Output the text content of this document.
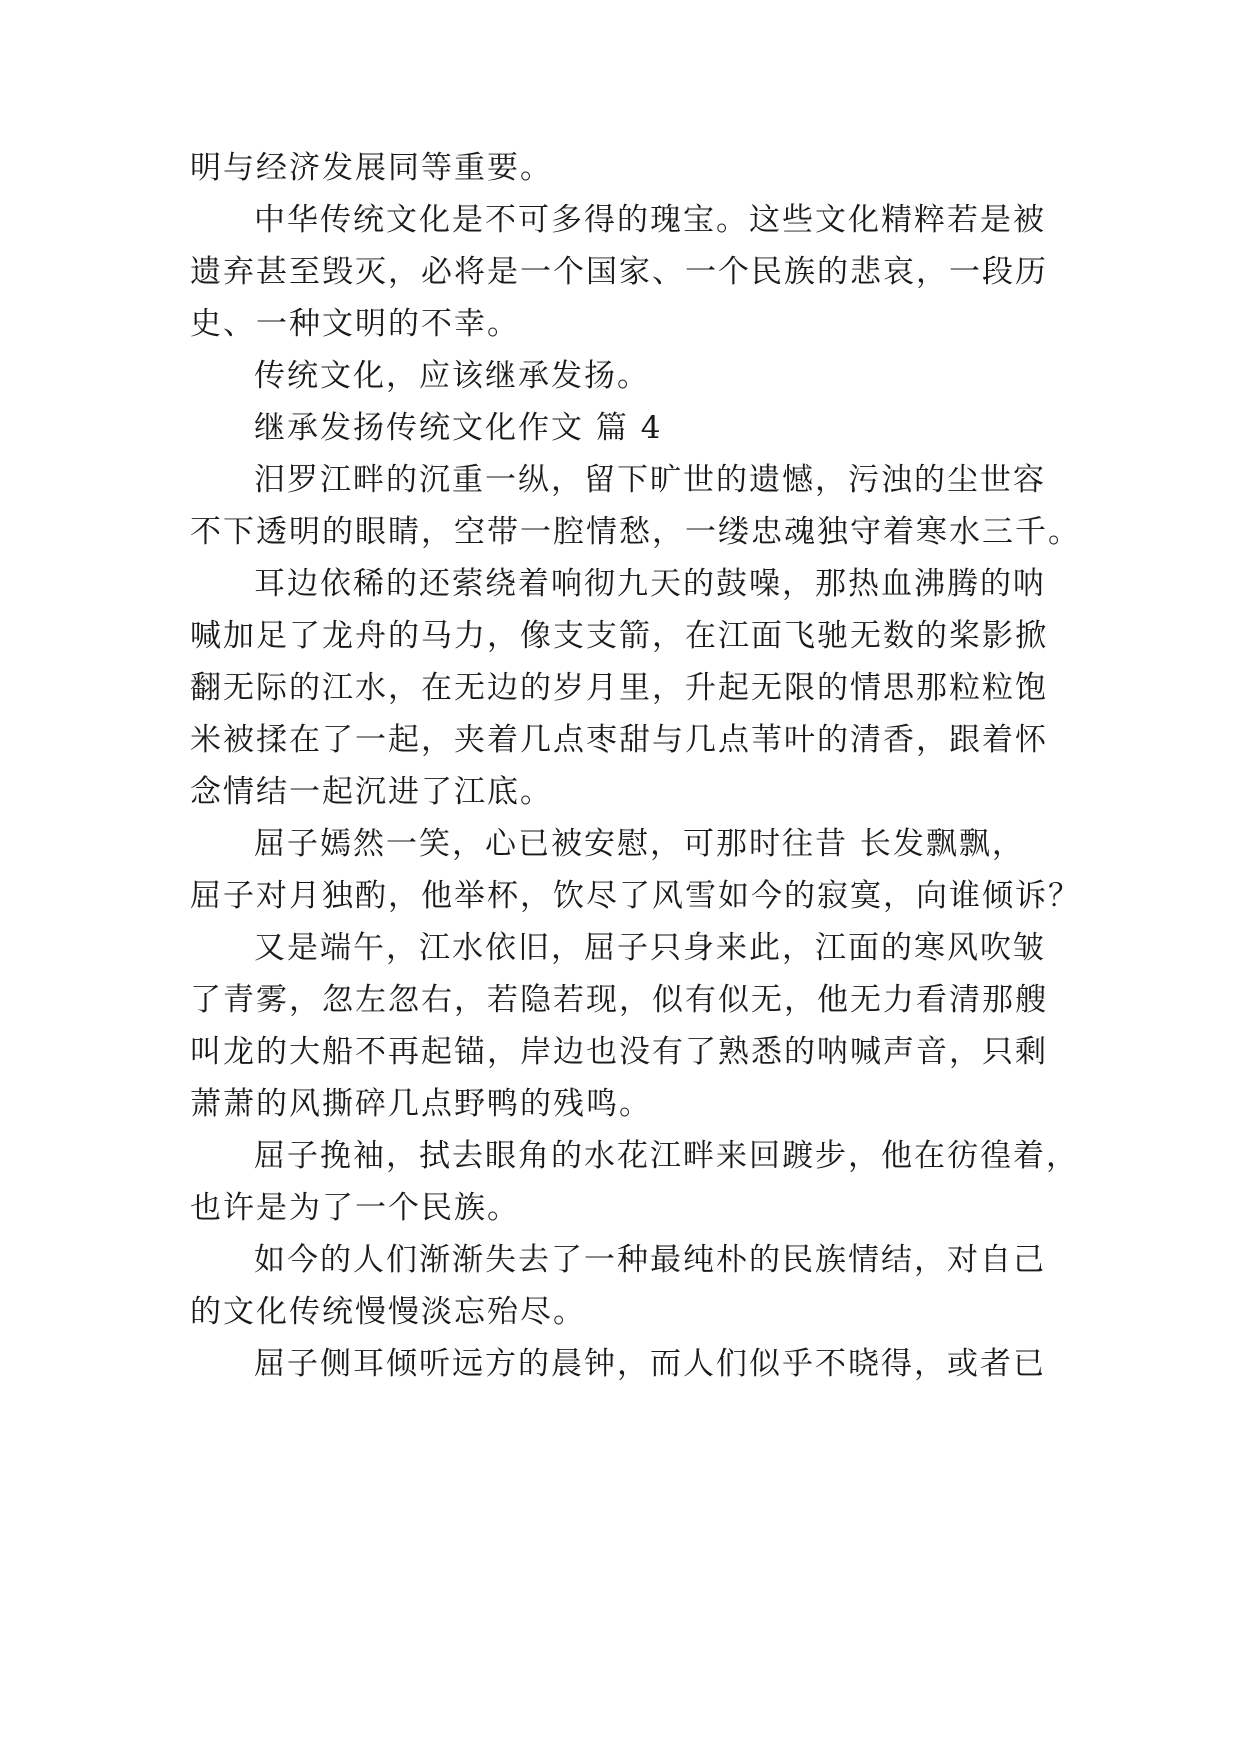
明与经济发展同等重要。
中华传统文化是不可多得的瑰宝。这些文化精粹若是被
遗弃甚至毁灭，必将是一个国家、一个民族的悲哀，一段历
史、一种文明的不幸。
传统文化，应该继承发扬。
继承发扬传统文化作文 篇 4
汨罗江畔的沉重一纵，留下旷世的遗憾，污浊的尘世容
不下透明的眼睛，空带一腔情愁，一缕忠魂独守着寒水三千。
耳边依稀的还萦绕着响彻九天的鼓噪，那热血沸腾的呐
喊加足了龙舟的马力，像支支箭，在江面飞驰无数的桨影掀
翻无际的江水，在无边的岁月里，升起无限的情思那粒粒饱
米被揉在了一起，夹着几点枣甜与几点苇叶的清香，跟着怀
念情结一起沉进了江底。
屈子嫣然一笑，心已被安慰，可那时往昔 长发飘飘，
屈子对月独酌，他举杯，饮尽了风雪如今的寂寞，向谁倾诉？
又是端午，江水依旧，屈子只身来此，江面的寒风吹皱
了青雾，忽左忽右，若隐若现，似有似无，他无力看清那艘
叫龙的大船不再起锚，岸边也没有了熟悉的呐喊声音，只剩
萧萧的风撕碎几点野鸭的残鸣。
屈子挽袖，拭去眼角的水花江畔来回踱步，他在彷徨着，
也许是为了一个民族。
如今的人们渐渐失去了一种最纯朴的民族情结，对自己
的文化传统慢慢淡忘殆尽。
屈子侧耳倾听远方的晨钟，而人们似乎不晓得，或者已
